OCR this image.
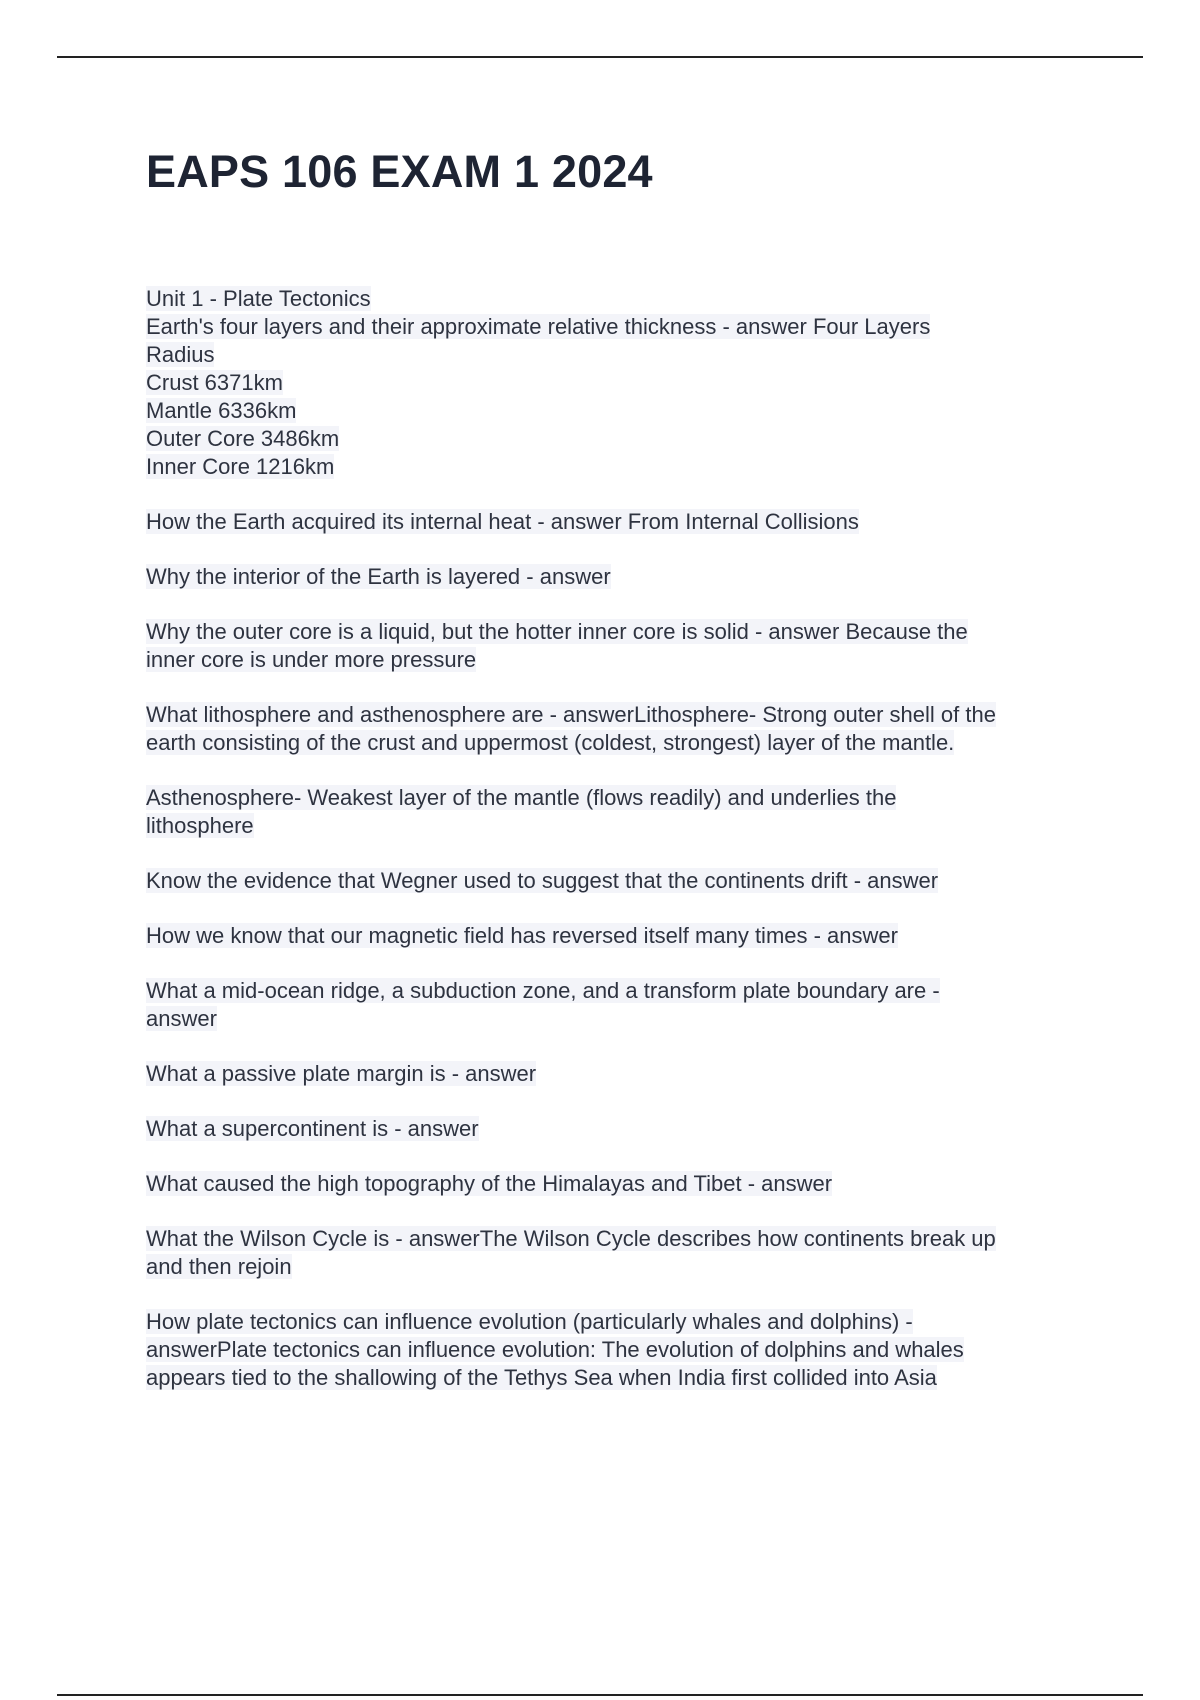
EAPS 106 EXAM 1 2024
Unit 1 - Plate Tectonics
Earth's four layers and their approximate relative thickness - answer Four Layers
Radius
Crust 6371km
Mantle 6336km
Outer Core 3486km
Inner Core 1216km
How the Earth acquired its internal heat - answer From Internal Collisions
Why the interior of the Earth is layered - answer
Why the outer core is a liquid, but the hotter inner core is solid - answer Because the
inner core is under more pressure
What lithosphere and asthenosphere are - answerLithosphere- Strong outer shell of the
earth consisting of the crust and uppermost (coldest, strongest) layer of the mantle.
Asthenosphere- Weakest layer of the mantle (flows readily) and underlies the
lithosphere
Know the evidence that Wegner used to suggest that the continents drift - answer
How we know that our magnetic field has reversed itself many times - answer
What a mid-ocean ridge, a subduction zone, and a transform plate boundary are -
answer
What a passive plate margin is - answer
What a supercontinent is - answer
What caused the high topography of the Himalayas and Tibet - answer
What the Wilson Cycle is - answerThe Wilson Cycle describes how continents break up
and then rejoin
How plate tectonics can influence evolution (particularly whales and dolphins) -
answerPlate tectonics can influence evolution: The evolution of dolphins and whales
appears tied to the shallowing of the Tethys Sea when India first collided into Asia
